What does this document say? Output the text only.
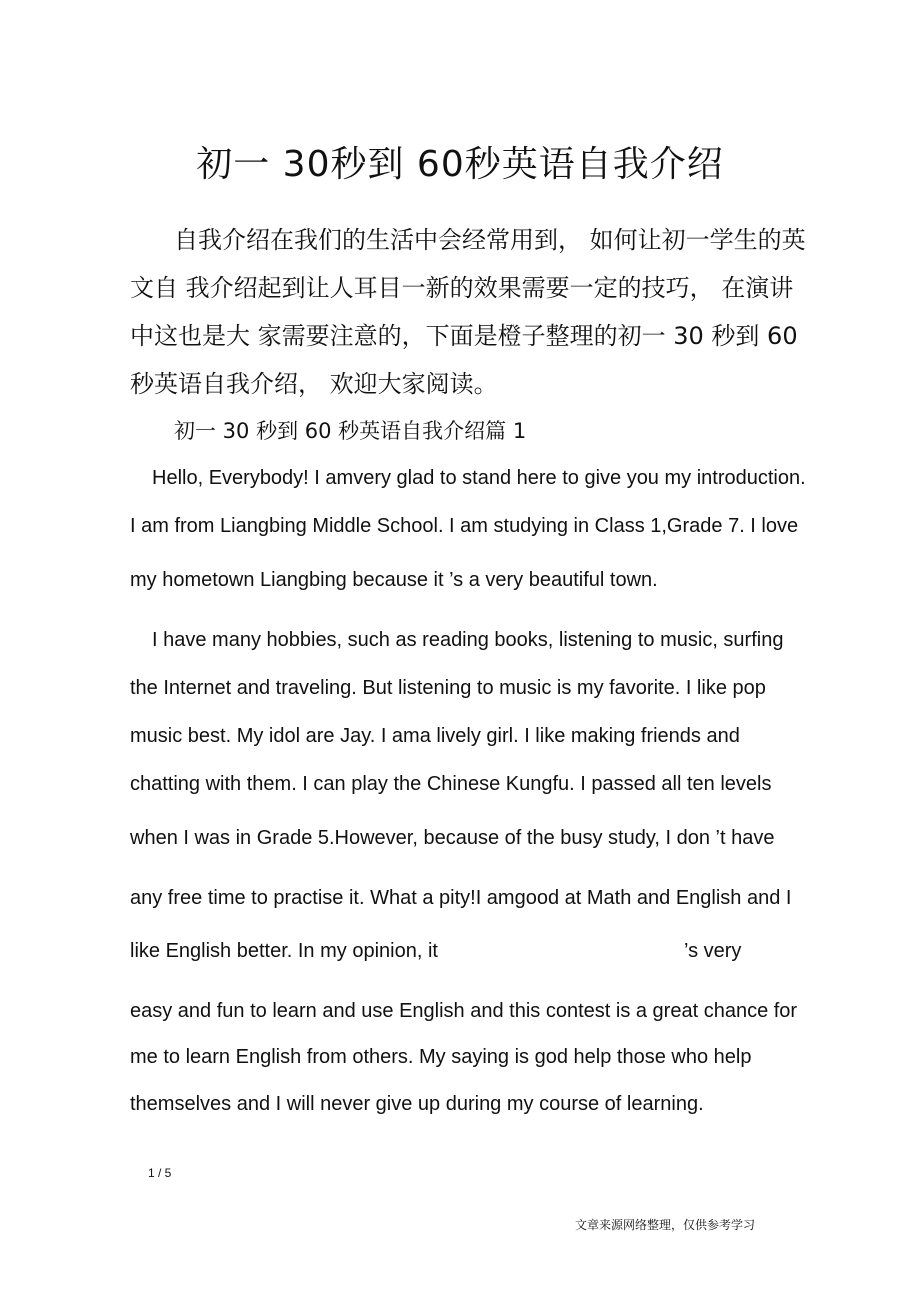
初一 30秒到 60秒英语自我介绍
自我介绍在我们的生活中会经常用到， 如何让初一学生的英
文自 我介绍起到让人耳目一新的效果需要一定的技巧， 在演讲
中这也是大 家需要注意的，下面是橙子整理的初一 30 秒到 60
秒英语自我介绍， 欢迎大家阅读。
初一 30 秒到 60 秒英语自我介绍篇 1
Hello, Everybody! I amvery glad to stand here to give you my introduction.
I am from Liangbing Middle School. I am studying in Class 1,Grade 7. I love
my hometown Liangbing because it ’s a very beautiful town.
I have many hobbies, such as reading books, listening to music, surfing
the Internet and traveling. But listening to music is my favorite. I like pop
music best. My idol are Jay. I ama lively girl. I like making friends and
chatting with them. I can play the Chinese Kungfu. I passed all ten levels
when I was in Grade 5.However, because of the busy study, I don ’t have
any free time to practise it. What a pity!I amgood at Math and English and I
like English better. In my opinion, it	’s very
easy and fun to learn and use English and this contest is a great chance for
me to learn English from others. My saying is god help those who help
themselves and I will never give up during my course of learning.
1 / 5
文章来源网络整理，仅供参考学习
